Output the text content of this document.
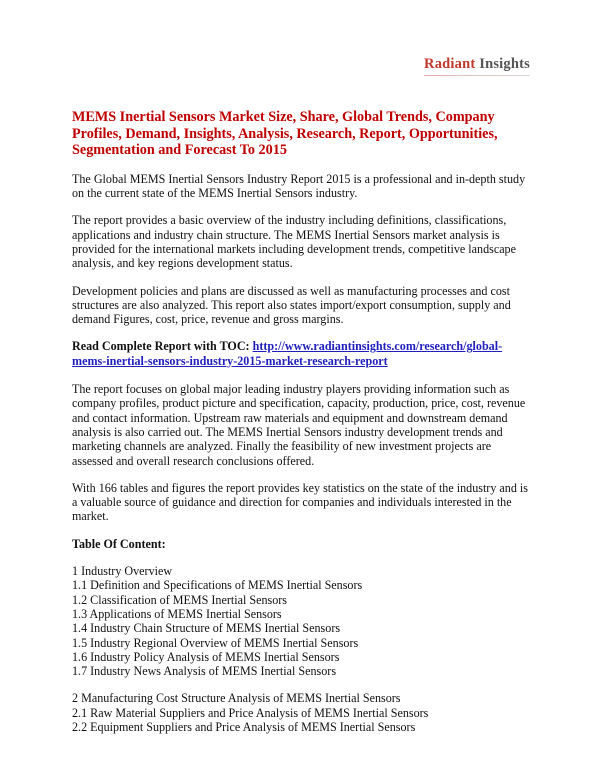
Radiant Insights
MEMS Inertial Sensors Market Size, Share, Global Trends, Company Profiles, Demand, Insights, Analysis, Research, Report, Opportunities, Segmentation and Forecast To 2015
The Global MEMS Inertial Sensors Industry Report 2015 is a professional and in-depth study on the current state of the MEMS Inertial Sensors industry.
The report provides a basic overview of the industry including definitions, classifications, applications and industry chain structure. The MEMS Inertial Sensors market analysis is provided for the international markets including development trends, competitive landscape analysis, and key regions development status.
Development policies and plans are discussed as well as manufacturing processes and cost structures are also analyzed. This report also states import/export consumption, supply and demand Figures, cost, price, revenue and gross margins.
Read Complete Report with TOC: http://www.radiantinsights.com/research/global-mems-inertial-sensors-industry-2015-market-research-report
The report focuses on global major leading industry players providing information such as company profiles, product picture and specification, capacity, production, price, cost, revenue and contact information. Upstream raw materials and equipment and downstream demand analysis is also carried out. The MEMS Inertial Sensors industry development trends and marketing channels are analyzed. Finally the feasibility of new investment projects are assessed and overall research conclusions offered.
With 166 tables and figures the report provides key statistics on the state of the industry and is a valuable source of guidance and direction for companies and individuals interested in the market.
Table Of Content:
1 Industry Overview
1.1 Definition and Specifications of MEMS Inertial Sensors
1.2 Classification of MEMS Inertial Sensors
1.3 Applications of MEMS Inertial Sensors
1.4 Industry Chain Structure of MEMS Inertial Sensors
1.5 Industry Regional Overview of MEMS Inertial Sensors
1.6 Industry Policy Analysis of MEMS Inertial Sensors
1.7 Industry News Analysis of MEMS Inertial Sensors
2 Manufacturing Cost Structure Analysis of MEMS Inertial Sensors
2.1 Raw Material Suppliers and Price Analysis of MEMS Inertial Sensors
2.2 Equipment Suppliers and Price Analysis of MEMS Inertial Sensors
